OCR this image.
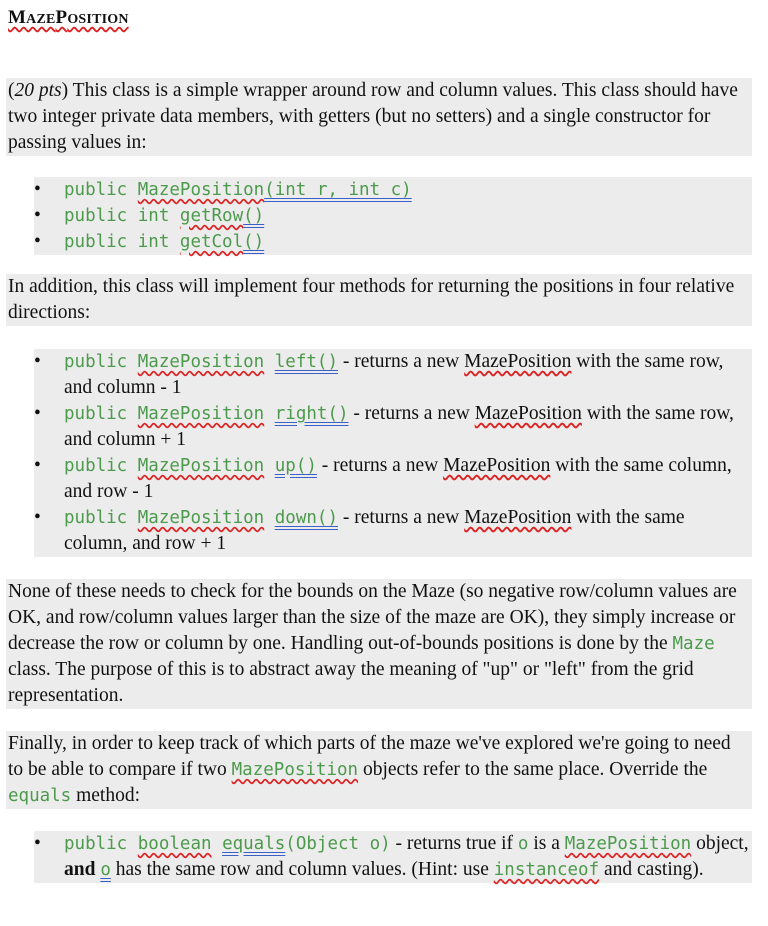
MAZEPOSITION
(20 pts) This class is a simple wrapper around row and column values. This class should have two integer private data members, with getters (but no setters) and a single constructor for passing values in:
• public MazePosition(int r, int c)
• public int getRow()
• public int getCol()
In addition, this class will implement four methods for returning the positions in four relative directions:
• public MazePosition left() - returns a new MazePosition with the same row, and column - 1
• public MazePosition right() - returns a new MazePosition with the same row, and column + 1
• public MazePosition up() - returns a new MazePosition with the same column, and row - 1
• public MazePosition down() - returns a new MazePosition with the same column, and row + 1
None of these needs to check for the bounds on the Maze (so negative row/column values are OK, and row/column values larger than the size of the maze are OK), they simply increase or decrease the row or column by one. Handling out-of-bounds positions is done by the Maze class. The purpose of this is to abstract away the meaning of "up" or "left" from the grid representation.
Finally, in order to keep track of which parts of the maze we've explored we're going to need to be able to compare if two MazePosition objects refer to the same place. Override the equals method:
• public boolean equals(Object o) - returns true if o is a MazePosition object, and o has the same row and column values. (Hint: use instanceof and casting).
